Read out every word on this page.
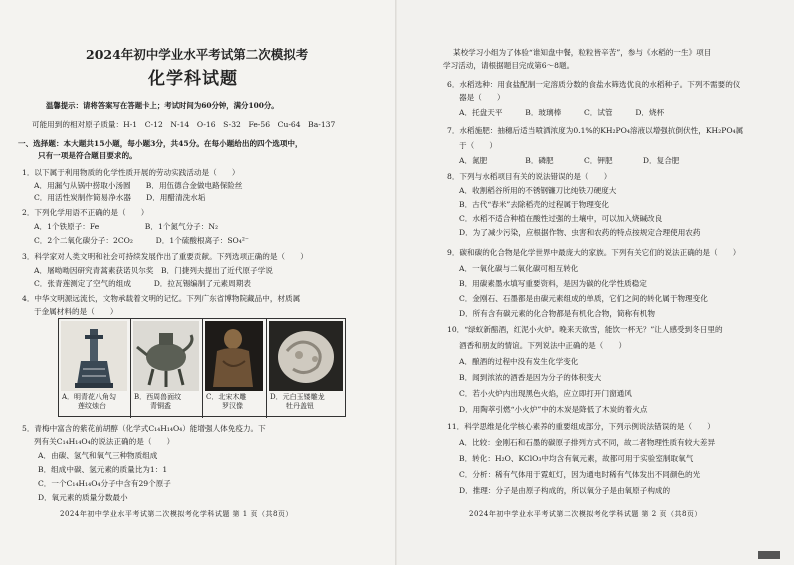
2024年初中学业水平考试第二次模拟考
化学科试题
温馨提示：请将答案写在答题卡上；考试时间为60分钟，满分100分。
可能用到的相对原子质量：H-1　C-12　N-14　O-16　S-32　Fe-56　Cu-64　Ba-137
一、选择题：本大题共15小题，每小题3分，共45分。在每小题给出的四个选项中，
只有一项是符合题目要求的。
1．以下属于利用物质的化学性质开展的劳动实践活动是（　　）
A．用漏勺从锅中捞取小汤圆　　B．用伍德合金做电路保险丝
C．用活性炭制作简易净水器　　D．用醋清洗水垢
2．下列化学用语不正确的是（　　）
A．1个铁原子：Fe　　　　　　B．1个氮气分子：N₂
C．2个二氧化碳分子：2CO₂　　　D．1个硫酸根离子：SO₄²⁻
3．科学家对人类文明和社会可持续发展作出了重要贡献。下列选项正确的是（　　）
A．屠呦呦因研究青蒿素获诺贝尔奖　B．门捷列夫提出了近代原子学说
C．张青莲测定了空气的组成　　　D．拉瓦锡编制了元素周期表
4．中华文明源远流长，文物承载着文明的记忆。下列广东省博物院藏品中，材质属
于金属材料的是（　　）
A．明青花八角勾
莲纹烛台
B．西周兽面纹
青铜盉
C．北宋木雕
罗汉像
D．元白玉镂雕龙
牡丹盖钮
5．青梅中富含的紫花前胡醇（化学式C₁₄H₁₄O₄）能增强人体免疫力。下
列有关C₁₄H₁₄O₄的说法正确的是（　　）
A．由碳、氢气和氧气三种物质组成
B．组成中碳、氢元素的质量比为1：1
C．一个C₁₄H₁₄O₄分子中含有29个原子
D．氧元素的质量分数最小
2024年初中学业水平考试第二次模拟考化学科试题 第 1 页（共8页）
某校学习小组为了体验“谁知盘中餐，粒粒皆辛苦”，参与《水稻的一生》项目
学习活动，请根据题目完成第6～8题。
6．水稻选种：用食盐配制一定溶质分数的食盐水筛选优良的水稻种子。下列不需要的仪
器是（　　）
A．托盘天平　　　B．玻璃棒　　　C．试管　　　D．烧杯
7．水稻施肥：抽穗后适当喷洒浓度为0.1%的KH₂PO₄溶液以增强抗倒伏性，KH₂PO₄属
于（　　）
A．氮肥　　　　　B．磷肥　　　　C．钾肥　　　　D．复合肥
8．下列与水稻项目有关的说法错误的是（　　）
A．收割稻谷所用的不锈钢镰刀比纯铁刀硬度大
B．古代“春米”去除稻壳的过程属于物理变化
C．水稻不适合种植在酸性过强的土壤中，可以加入烧碱改良
D．为了减少污染，应根据作物、虫害和农药的特点按规定合理使用农药
9．碳和碳的化合物是化学世界中最庞大的家族。下列有关它们的说法正确的是（　　）
A．一氧化碳与二氧化碳可相互转化
B．用碳素墨水填写重要资料，是因为碳的化学性质稳定
C．金刚石、石墨都是由碳元素组成的单质，它们之间的转化属于物理变化
D．所有含有碳元素的化合物都是有机化合物，简称有机物
10．“绿蚁新醅酒，红泥小火炉。晚来天欲雪，能饮一杯无？”让人感受到冬日里的
酒香和朋友的情谊。下列说法中正确的是（　　）
A．酿酒的过程中没有发生化学变化
B．闻到浓浓的酒香是因为分子的体积变大
C．若小火炉内出现黑色火焰，应立即打开门窗通风
D．用陶萃引燃“小火炉”中的木炭是降低了木炭的着火点
11．科学思维是化学核心素养的重要组成部分，下列示例说法错误的是（　　）
A．比较：金刚石和石墨的碳原子排列方式不同，故二者物理性质有较大差异
B．转化：H₂O、KClO₃中均含有氧元素，故都可用于实验室制取氧气
C．分析：稀有气体用于霓虹灯，因为通电时稀有气体发出不同颜色的光
D．推理：分子是由原子构成的，所以氧分子是由氧原子构成的
2024年初中学业水平考试第二次模拟考化学科试题 第 2 页（共8页）
